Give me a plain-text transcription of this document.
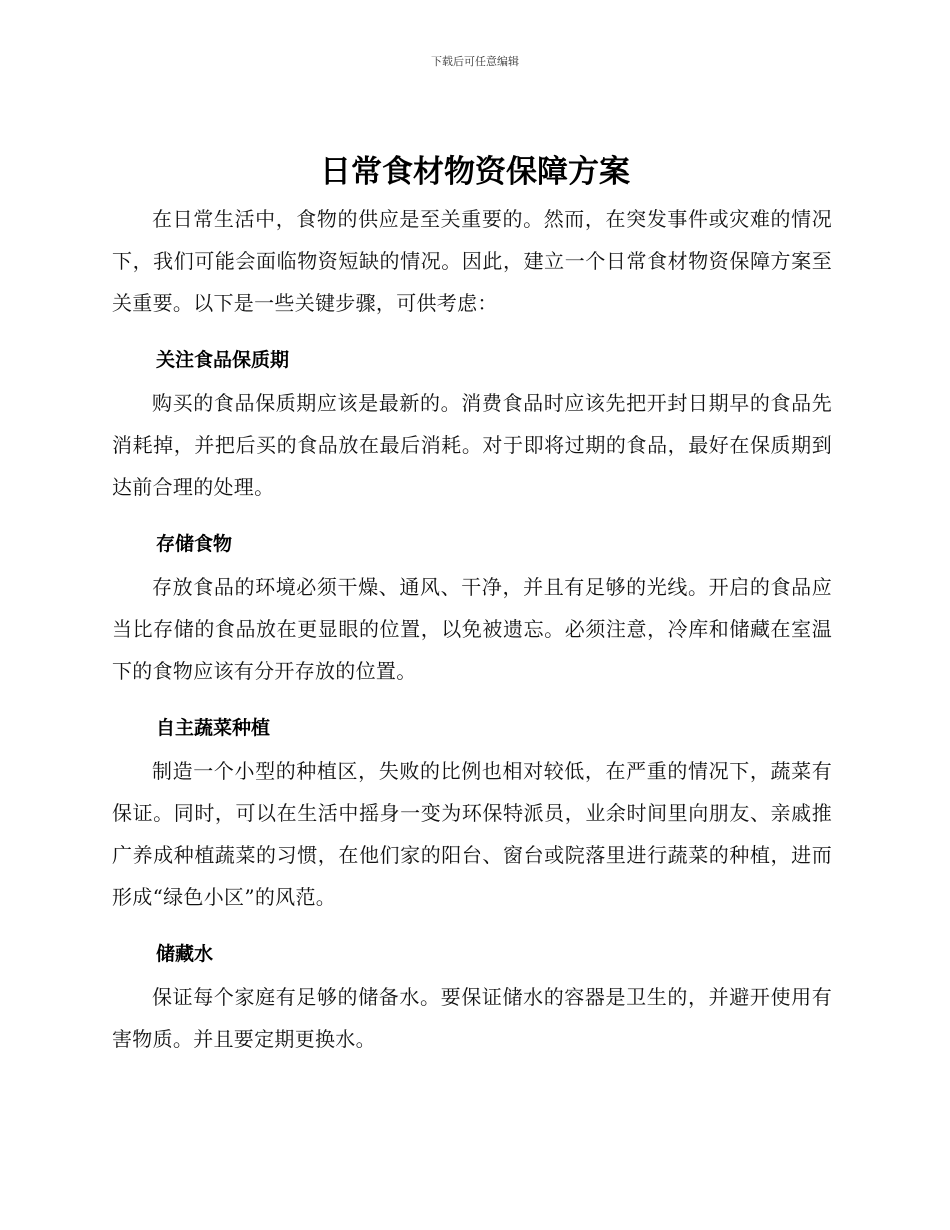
下载后可任意编辑
日常食材物资保障方案

在日常生活中，食物的供应是至关重要的。然而，在突发事件或灾难的情况下，我们可能会面临物资短缺的情况。因此，建立一个日常食材物资保障方案至关重要。以下是一些关键步骤，可供考虑：

关注食品保质期

购买的食品保质期应该是最新的。消费食品时应该先把开封日期早的食品先消耗掉，并把后买的食品放在最后消耗。对于即将过期的食品，最好在保质期到达前合理的处理。

存储食物

存放食品的环境必须干燥、通风、干净，并且有足够的光线。开启的食品应当比存储的食品放在更显眼的位置，以免被遗忘。必须注意，冷库和储藏在室温下的食物应该有分开存放的位置。

自主蔬菜种植

制造一个小型的种植区，失败的比例也相对较低，在严重的情况下，蔬菜有保证。同时，可以在生活中摇身一变为环保特派员，业余时间里向朋友、亲戚推广养成种植蔬菜的习惯，在他们家的阳台、窗台或院落里进行蔬菜的种植，进而形成“绿色小区”的风范。

储藏水

保证每个家庭有足够的储备水。要保证储水的容器是卫生的，并避开使用有害物质。并且要定期更换水。
